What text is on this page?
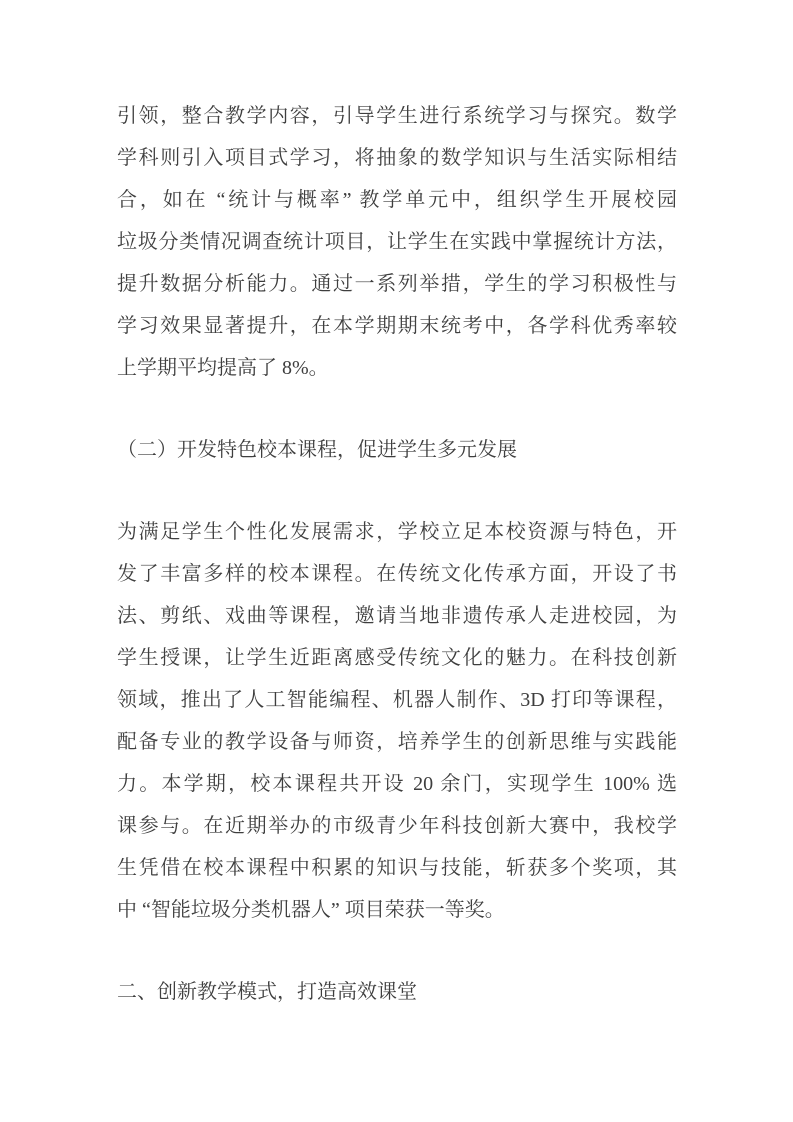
引领，整合教学内容，引导学生进行系统学习与探究。数学
学科则引入项目式学习，将抽象的数学知识与生活实际相结
合，如在 “统计与概率” 教学单元中，组织学生开展校园
垃圾分类情况调查统计项目，让学生在实践中掌握统计方法，
提升数据分析能力。通过一系列举措，学生的学习积极性与
学习效果显著提升，在本学期期末统考中，各学科优秀率较
上学期平均提高了 8%。
（二）开发特色校本课程，促进学生多元发展
为满足学生个性化发展需求，学校立足本校资源与特色，开
发了丰富多样的校本课程。在传统文化传承方面，开设了书
法、剪纸、戏曲等课程，邀请当地非遗传承人走进校园，为
学生授课，让学生近距离感受传统文化的魅力。在科技创新
领域，推出了人工智能编程、机器人制作、3D 打印等课程，
配备专业的教学设备与师资，培养学生的创新思维与实践能
力。本学期，校本课程共开设 20 余门，实现学生 100% 选
课参与。在近期举办的市级青少年科技创新大赛中，我校学
生凭借在校本课程中积累的知识与技能，斩获多个奖项，其
中 “智能垃圾分类机器人” 项目荣获一等奖。
二、创新教学模式，打造高效课堂
